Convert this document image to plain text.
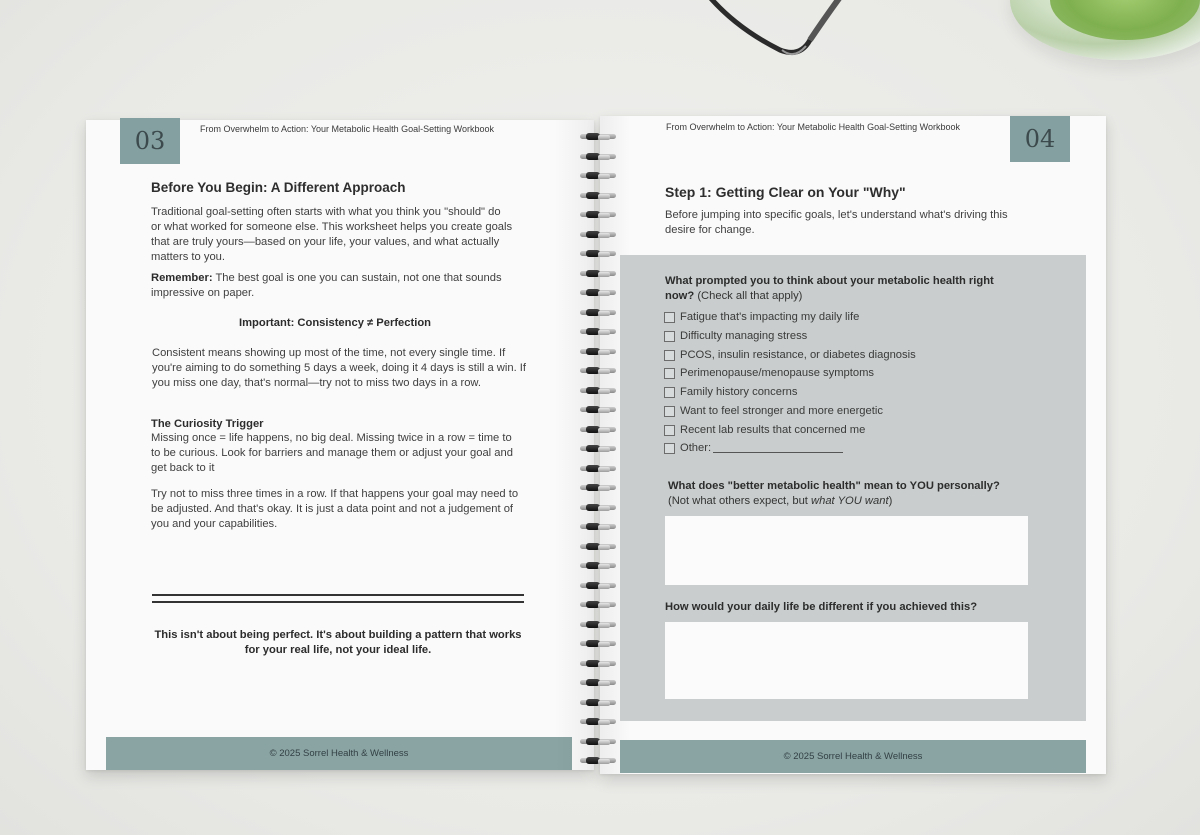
03	From Overwhelm to Action: Your Metabolic Health Goal-Setting Workbook
Before You Begin: A Different Approach
Traditional goal-setting often starts with what you think you "should" do or what worked for someone else. This worksheet helps you create goals that are truly yours—based on your life, your values, and what actually matters to you.
Remember: The best goal is one you can sustain, not one that sounds impressive on paper.
Important: Consistency ≠ Perfection
Consistent means showing up most of the time, not every single time. If you're aiming to do something 5 days a week, doing it 4 days is still a win. If you miss one day, that's normal—try not to miss two days in a row.
The Curiosity Trigger
Missing once = life happens, no big deal. Missing twice in a row = time to to be curious. Look for barriers and manage them or adjust your goal and get back to it
Try not to miss three times in a row. If that happens your goal may need to be adjusted. And that's okay. It is just a data point and not a judgement of you and your capabilities.
This isn't about being perfect. It's about building a pattern that works for your real life, not your ideal life.
© 2025 Sorrel Health & Wellness
04
From Overwhelm to Action: Your Metabolic Health Goal-Setting Workbook
Step 1: Getting Clear on Your "Why"
Before jumping into specific goals, let's understand what's driving this desire for change.
What prompted you to think about your metabolic health right now? (Check all that apply)
Fatigue that's impacting my daily life
Difficulty managing stress
PCOS, insulin resistance, or diabetes diagnosis
Perimenopause/menopause symptoms
Family history concerns
Want to feel stronger and more energetic
Recent lab results that concerned me
Other:
What does "better metabolic health" mean to YOU personally?
(Not what others expect, but what YOU want)
How would your daily life be different if you achieved this?
© 2025 Sorrel Health & Wellness
